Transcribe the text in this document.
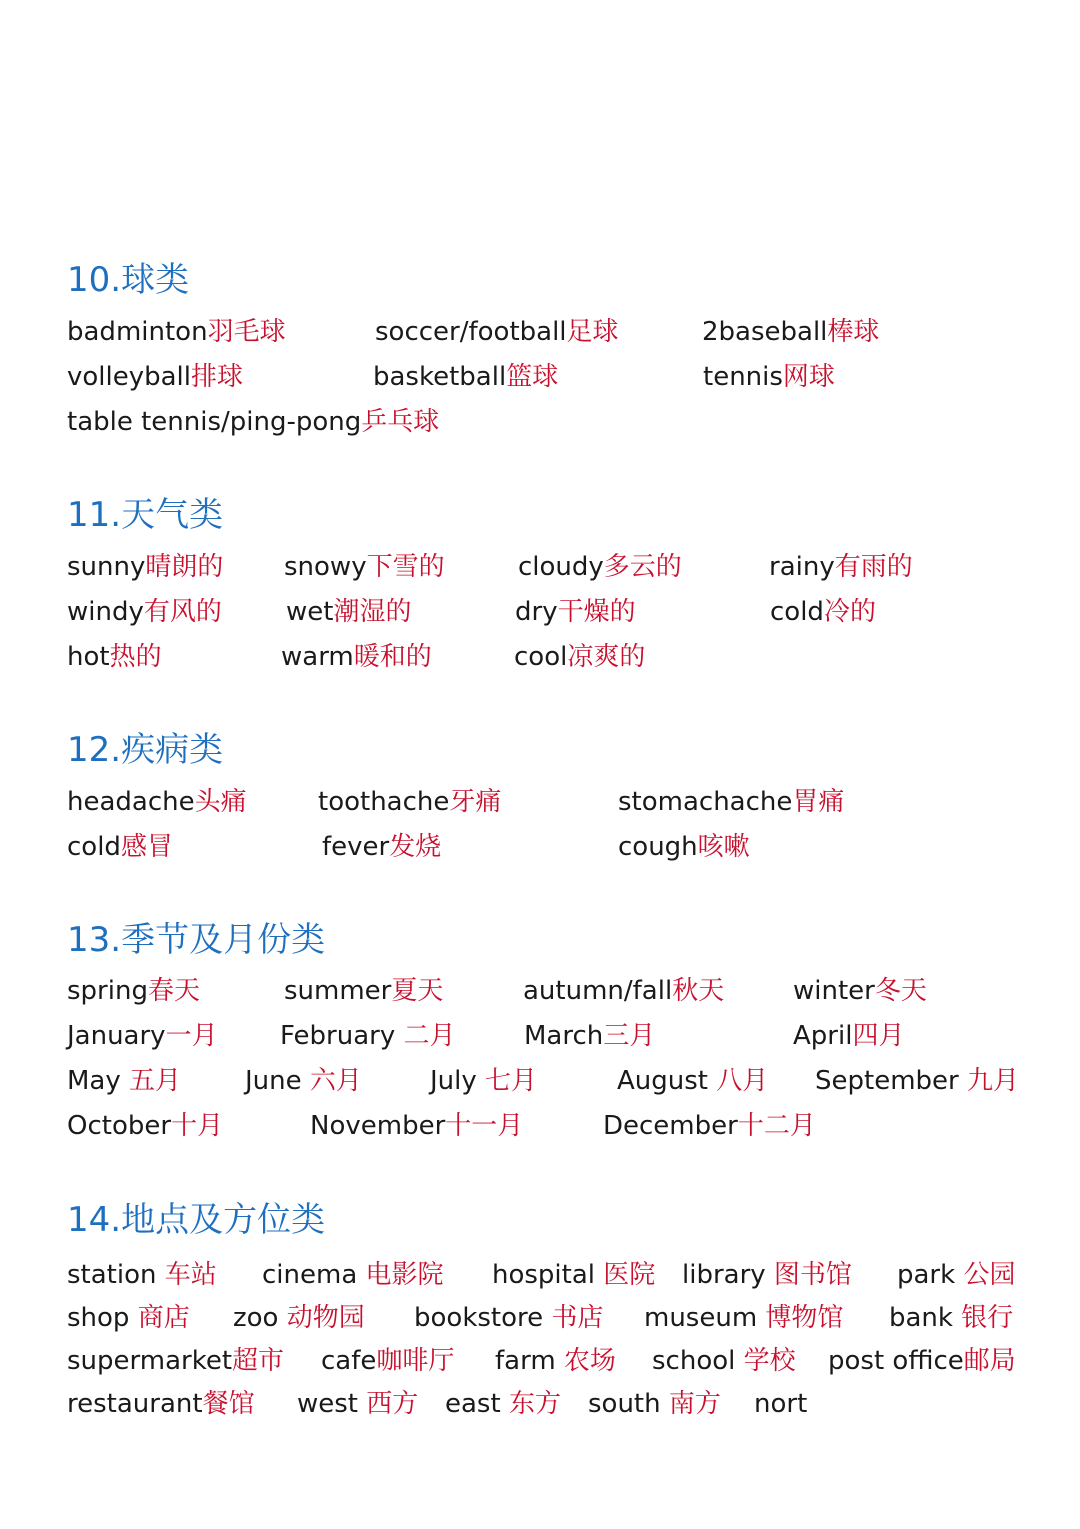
10.球类
badminton羽毛球	soccer/football足球	2baseball棒球
volleyball排球	basketball篮球	tennis网球
table tennis/ping-pong乒乓球
11.天气类
sunny晴朗的 snowy下雪的	cloudy多云的	rainy有雨的
windy有风的 wet潮湿的	dry干燥的	cold冷的
hot热的	warm暖和的	cool凉爽的
12.疾病类
headache头痛	toothache牙痛	stomachache胃痛
cold感冒	fever发烧	cough咳嗽
13.季节及月份类
spring春天	summer夏天	autumn/fall秋天	winter冬天
January一月 February 二月	March三月	April四月
May 五月 June 六月	July 七月	August 八月 September 九月
October十月	November十一月	December十二月
14.地点及方位类
station 车站 cinema 电影院 hospital 医院 library 图书馆 park 公园
shop 商店 zoo 动物园 bookstore 书店 museum 博物馆 bank 银行
supermarket超市 cafe咖啡厅 farm 农场 school 学校 post office邮局
restaurant餐馆 west 西方 east 东方 south 南方 nort
